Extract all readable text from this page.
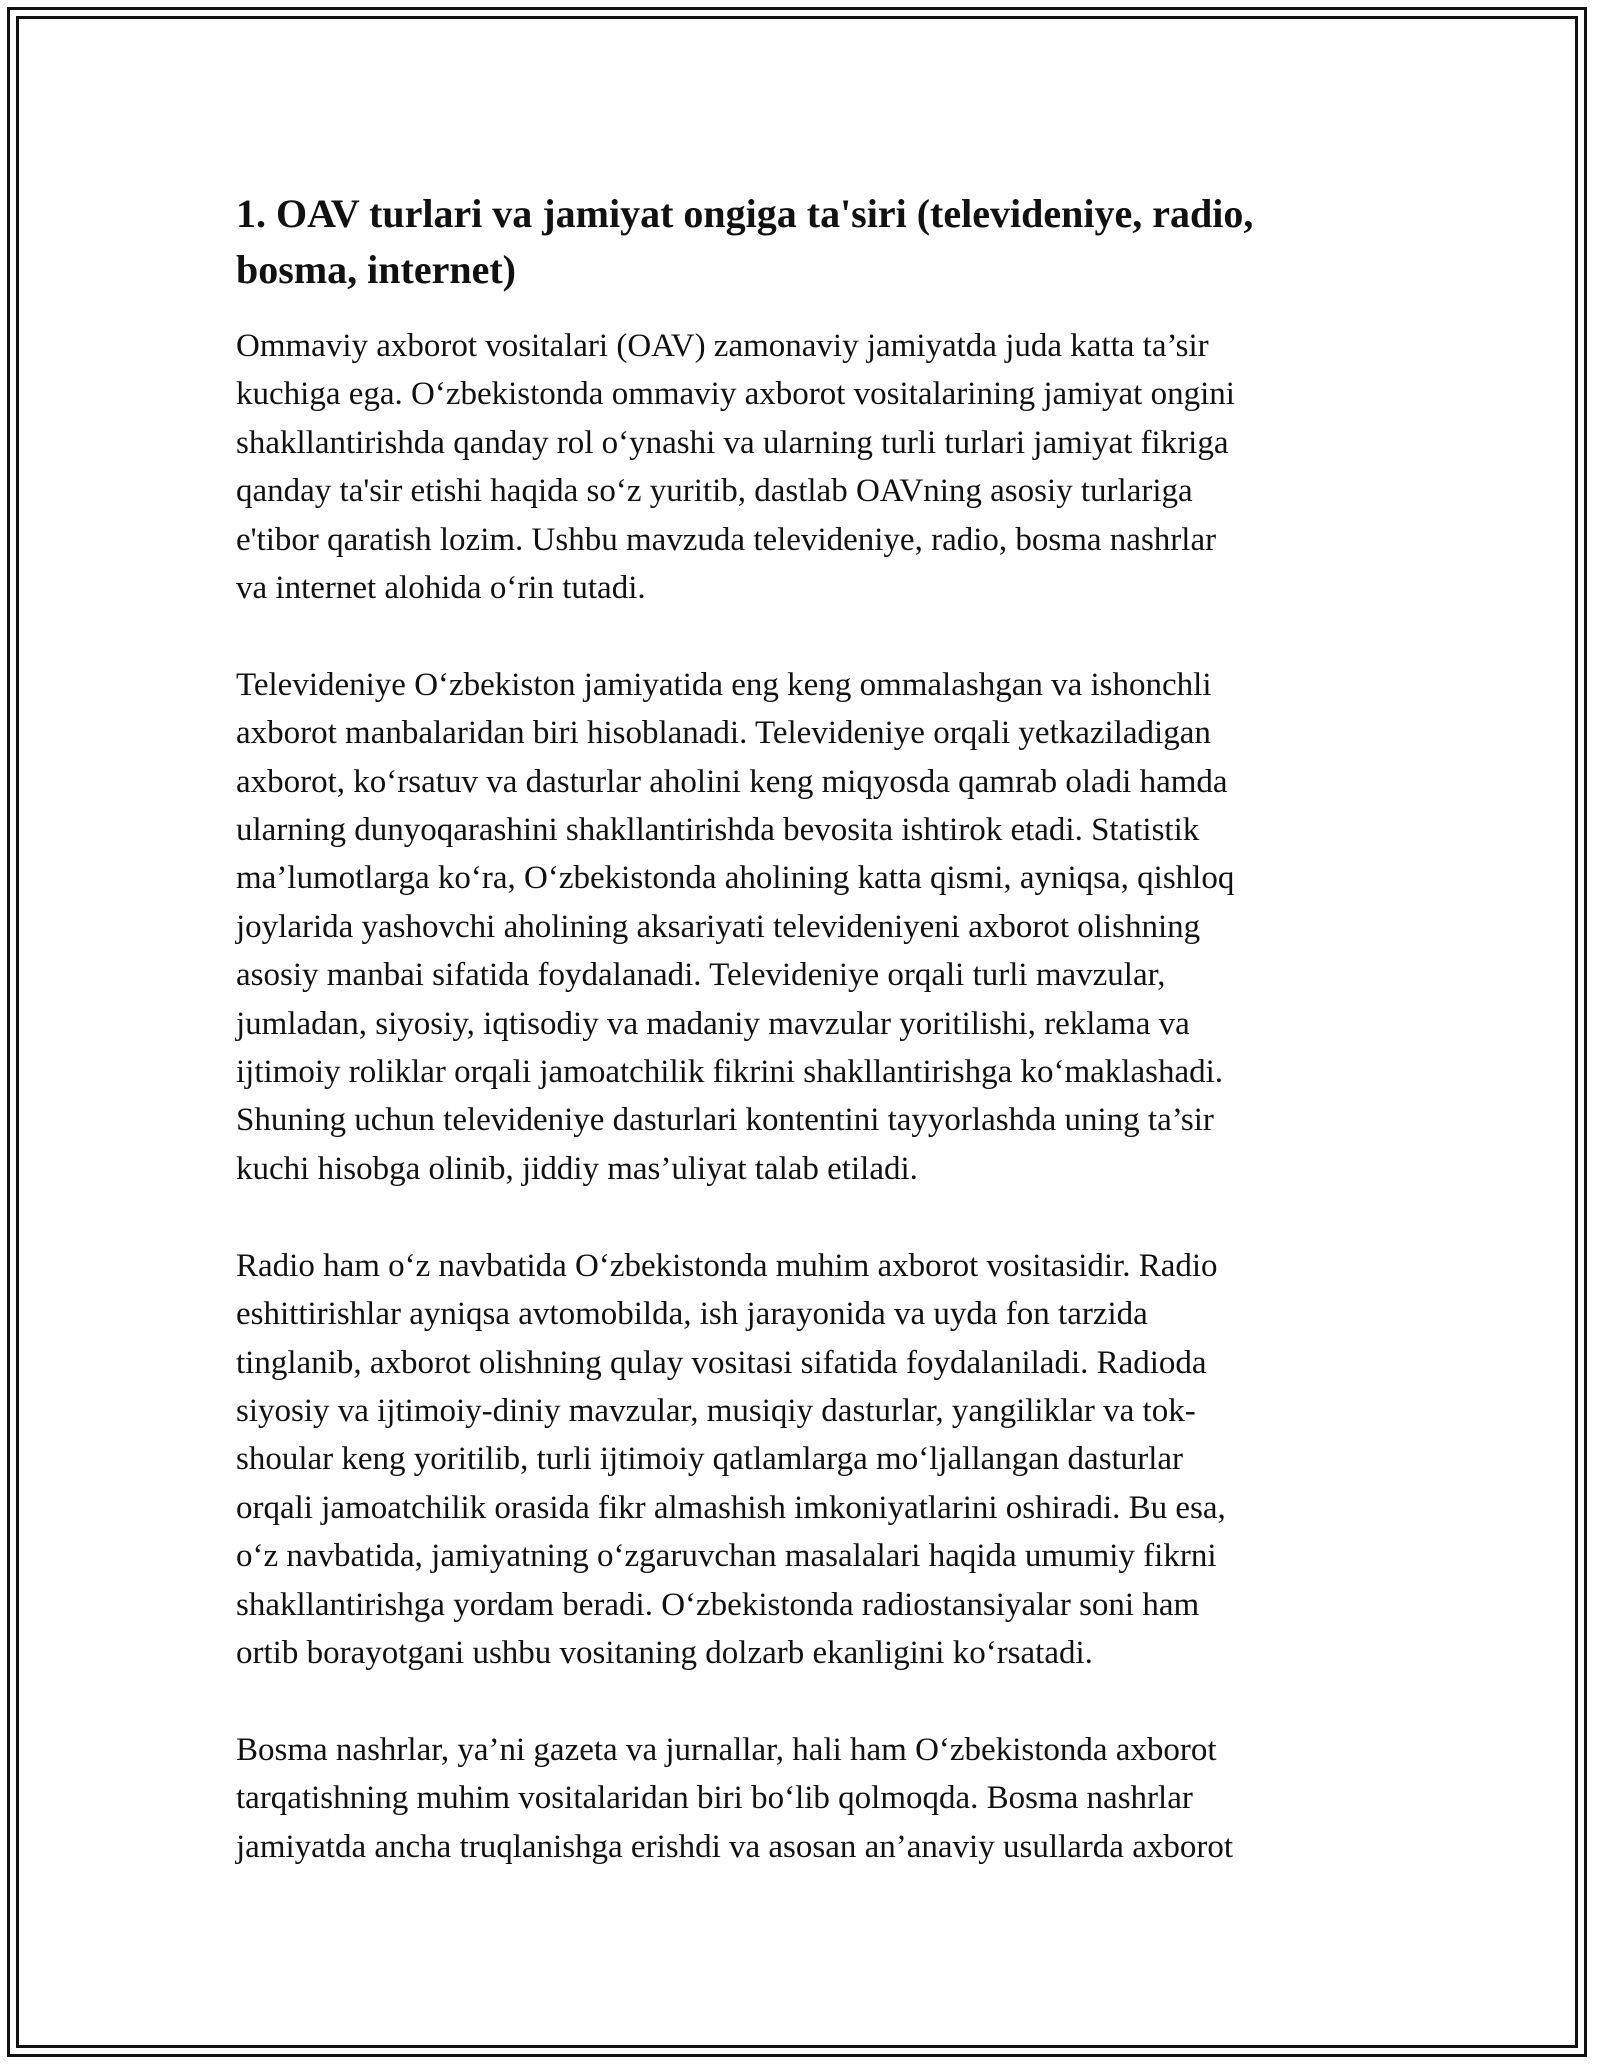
1. OAV turlari va jamiyat ongiga ta'siri (televideniye, radio,
bosma, internet)

Ommaviy axborot vositalari (OAV) zamonaviy jamiyatda juda katta ta’sir
kuchiga ega. O‘zbekistonda ommaviy axborot vositalarining jamiyat ongini
shakllantirishda qanday rol o‘ynashi va ularning turli turlari jamiyat fikriga
qanday ta'sir etishi haqida so‘z yuritib, dastlab OAVning asosiy turlariga
e'tibor qaratish lozim. Ushbu mavzuda televideniye, radio, bosma nashrlar
va internet alohida o‘rin tutadi.

Televideniye O‘zbekiston jamiyatida eng keng ommalashgan va ishonchli
axborot manbalaridan biri hisoblanadi. Televideniye orqali yetkaziladigan
axborot, ko‘rsatuv va dasturlar aholini keng miqyosda qamrab oladi hamda
ularning dunyoqarashini shakllantirishda bevosita ishtirok etadi. Statistik
ma’lumotlarga ko‘ra, O‘zbekistonda aholining katta qismi, ayniqsa, qishloq
joylarida yashovchi aholining aksariyati televideniyeni axborot olishning
asosiy manbai sifatida foydalanadi. Televideniye orqali turli mavzular,
jumladan, siyosiy, iqtisodiy va madaniy mavzular yoritilishi, reklama va
ijtimoiy roliklar orqali jamoatchilik fikrini shakllantirishga ko‘maklashadi.
Shuning uchun televideniye dasturlari kontentini tayyorlashda uning ta’sir
kuchi hisobga olinib, jiddiy mas’uliyat talab etiladi.

Radio ham o‘z navbatida O‘zbekistonda muhim axborot vositasidir. Radio
eshittirishlar ayniqsa avtomobilda, ish jarayonida va uyda fon tarzida
tinglanib, axborot olishning qulay vositasi sifatida foydalaniladi. Radioda
siyosiy va ijtimoiy-diniy mavzular, musiqiy dasturlar, yangiliklar va tok-
shoular keng yoritilib, turli ijtimoiy qatlamlarga mo‘ljallangan dasturlar
orqali jamoatchilik orasida fikr almashish imkoniyatlarini oshiradi. Bu esa,
o‘z navbatida, jamiyatning o‘zgaruvchan masalalari haqida umumiy fikrni
shakllantirishga yordam beradi. O‘zbekistonda radiostansiyalar soni ham
ortib borayotgani ushbu vositaning dolzarb ekanligini ko‘rsatadi.

Bosma nashrlar, ya’ni gazeta va jurnallar, hali ham O‘zbekistonda axborot
tarqatishning muhim vositalaridan biri bo‘lib qolmoqda. Bosma nashrlar
jamiyatda ancha truqlanishga erishdi va asosan an’anaviy usullarda axborot
